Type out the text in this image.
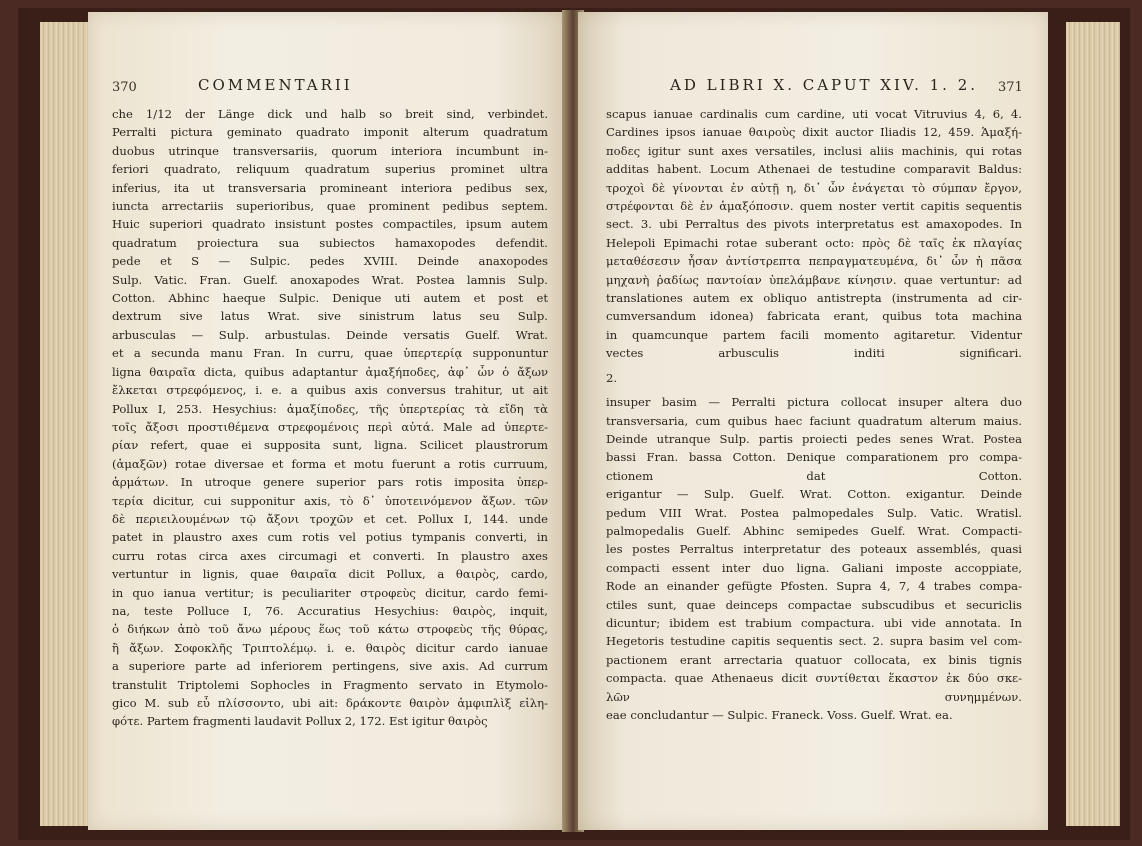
370	COMMENTARII

che 1/12 der Länge dick und halb so breit sind, verbindet.

Perralti pictura geminato quadrato imponit alterum quadratum

duobus utrinque transversariis, quorum interiora incumbunt in-

feriori quadrato, reliquum quadratum superius prominet ultra

inferius, ita ut transversaria promineant interiora pedibus sex,

iuncta arrectariis superioribus, quae prominent pedibus septem.

Huic superiori quadrato insistunt postes compactiles, ipsum autem

quadratum proiectura sua subiectos hamaxopodes defendit.

pede et S — Sulpic. pedes XVIII. Deinde anaxopodes

Sulp. Vatic. Fran. Guelf. anoxapodes Wrat. Postea lamnis Sulp.

Cotton. Abhinc haeque Sulpic. Denique uti autem et post et

dextrum sive latus Wrat. sive sinistrum latus seu Sulp.

arbusculas — Sulp. arbustulas. Deinde versatis Guelf. Wrat.

et a secunda manu Fran. In curru, quae ὑπερτερίᾳ supponuntur

ligna θαιραῖα dicta, quibus adaptantur ἁμαξήποδες, ἀφ᾽ ὧν ὁ ἄξων

ἔλκεται στρεφόμενος, i. e. a quibus axis conversus trahitur, ut ait

Pollux I, 253. Hesychius: ἁμαξίποδες, τῆς ὑπερτερίας τὰ εἴδη τὰ

τοῖς ἄξοσι προστιθέμενα στρεφομένοις περὶ αὐτά. Male ad ὑπερτε-

ρίαν refert, quae ei supposita sunt, ligna. Scilicet plaustrorum

(ἁμαξῶν) rotae diversae et forma et motu fuerunt a rotis curruum,

ἁρμάτων. In utroque genere superior pars rotis imposita ὑπερ-

τερία dicitur, cui supponitur axis, τὸ δ᾽ ὑποτεινόμενον ἄξων. τῶν

δὲ περιειλουμένων τῷ ἄξονι τροχῶν et cet. Pollux I, 144. unde

patet in plaustro axes cum rotis vel potius tympanis converti, in

curru rotas circa axes circumagi et converti. In plaustro axes

vertuntur in lignis, quae θαιραῖα dicit Pollux, a θαιρὸς, cardo,

in quo ianua vertitur; is peculiariter στροφεὺς dicitur, cardo femi-

na, teste Polluce I, 76. Accuratius Hesychius: θαιρὸς, inquit,

ὁ διήκων ἀπὸ τοῦ ἄνω μέρους ἕως τοῦ κάτω στροφεὺς τῆς θύρας,

ἢ ἄξων. Σοφοκλῆς Τριπτολέμῳ. i. e. θαιρὸς dicitur cardo ianuae

a superiore parte ad inferiorem pertingens, sive axis. Ad currum

transtulit Triptolemi Sophocles in Fragmento servato in Etymolo-

gico M. sub εὖ πλίσσοντο, ubi ait: δράκοντε θαιρὸν ἀμφιπλὶξ εἰλη-

φότε. Partem fragmenti laudavit Pollux 2, 172. Est igitur θαιρὸς

AD LIBRI X. CAPUT XIV. 1. 2. 371

scapus ianuae cardinalis cum cardine, uti vocat Vitruvius 4, 6, 4.

Cardines ipsos ianuae θαιροὺς dixit auctor Iliadis 12, 459. Ἁμαξή-

ποδες igitur sunt axes versatiles, inclusi aliis machinis, qui rotas

additas habent. Locum Athenaei de testudine comparavit Baldus:

τροχοὶ δὲ γίνονται ἐν αὐτῇ η, δι᾽ ὧν ἐνάγεται τὸ σύμπαν ἔργον,

στρέφονται δὲ ἐν ἁμαξόποσιν. quem noster vertit capitis sequentis

sect. 3. ubi Perraltus des pivots interpretatus est amaxopodes. In

Helepoli Epimachi rotae suberant octo: πρὸς δὲ ταῖς ἐκ πλαγίας

μεταθέσεσιν ἦσαν ἀντίστρεπτα πεπραγματευμένα, δι᾽ ὧν ἡ πᾶσα

μηχανὴ ῥαδίως παντοίαν ὑπελάμβανε κίνησιν. quae vertuntur: ad

translationes autem ex obliquo antistrepta (instrumenta ad cir-

cumversandum idonea) fabricata erant, quibus tota machina

in quamcunque partem facili momento agitaretur. Videntur

vectes arbusculis inditi significari.

2.

insuper basim — Perralti pictura collocat insuper altera duo

transversaria, cum quibus haec faciunt quadratum alterum maius.

Deinde utranque Sulp. partis proiecti pedes senes Wrat. Postea

bassi Fran. bassa Cotton. Denique comparationem pro compa-

ctionem dat Cotton.

erigantur — Sulp. Guelf. Wrat. Cotton. exigantur. Deinde

pedum VIII Wrat. Postea palmopedales Sulp. Vatic. Wratisl.

palmopedalis Guelf. Abhinc semipedes Guelf. Wrat. Compacti-

les postes Perraltus interpretatur des poteaux assemblés, quasi

compacti essent inter duo ligna. Galiani imposte accoppiate,

Rode an einander gefügte Pfosten. Supra 4, 7, 4 trabes compa-

ctiles sunt, quae deinceps compactae subscudibus et securiclis

dicuntur; ibidem est trabium compactura. ubi vide annotata. In

Hegetoris testudine capitis sequentis sect. 2. supra basim vel com-

pactionem erant arrectaria quatuor collocata, ex binis tignis

compacta. quae Athenaeus dicit συντίθεται ἕκαστον ἐκ δύο σκε-

λῶν συνημμένων.

eae concludantur — Sulpic. Franeck. Voss. Guelf. Wrat. ea.
